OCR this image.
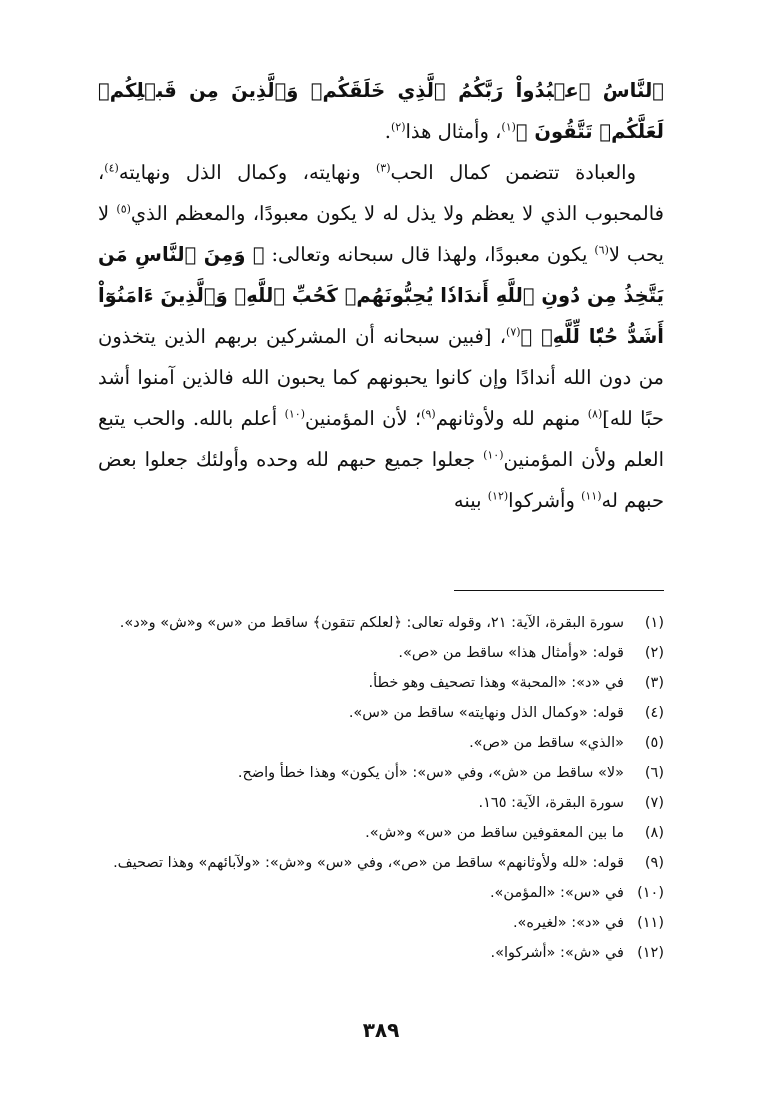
ٱلنَّاسُ ٱعۡبُدُواْ رَبَّكُمُ ٱلَّذِي خَلَقَكُمۡ وَٱلَّذِينَ مِن قَبۡلِكُمۡ لَعَلَّكُمۡ تَتَّقُونَ ﴾$^{(١)}$، وأمثال هذا$^{(٢)}$.

والعبادة تتضمن كمال الحب$^{(٣)}$ ونهايته، وكمال الذل ونهايته$^{(٤)}$، فالمحبوب الذي لا يعظم ولا يذل له لا يكون معبودًا، والمعظم الذي$^{(٥)}$ لا يحب لا$^{(٦)}$ يكون معبودًا، ولهذا قال سبحانه وتعالى: ﴿ وَمِنَ ٱلنَّاسِ مَن يَتَّخِذُ مِن دُونِ ٱللَّهِ أَندَادٗا يُحِبُّونَهُمۡ كَحُبِّ ٱللَّهِۖ وَٱلَّذِينَ ءَامَنُوٓاْ أَشَدُّ حُبّٗا لِّلَّهِۗ ﴾$^{(٧)}$، [فبين سبحانه أن المشركين بربهم الذين يتخذون من دون الله أندادًا وإن كانوا يحبونهم كما يحبون الله فالذين آمنوا أشد حبًا لله]$^{(٨)}$ منهم لله ولأوثانهم$^{(٩)}$؛ لأن المؤمنين$^{(١٠)}$ أعلم بالله. والحب يتبع العلم ولأن المؤمنين$^{(١٠)}$ جعلوا جميع حبهم لله وحده وأولئك جعلوا بعض حبهم له$^{(١١)}$ وأشركوا$^{(١٢)}$ بينه

(١)
سورة البقرة، الآية: ٢١، وقوله تعالى: ﴿لعلكم تتقون﴾ ساقط من «س» و«ش» و«د».
(٢)
قوله: «وأمثال هذا» ساقط من «ص».
(٣)
في «د»: «المحبة» وهذا تصحيف وهو خطأ.
(٤)
قوله: «وكمال الذل ونهايته» ساقط من «س».
(٥)
«الذي» ساقط من «ص».
(٦)
«لا» ساقط من «ش»، وفي «س»: «أن يكون» وهذا خطأ واضح.
(٧)
سورة البقرة، الآية: ١٦٥.
(٨)
ما بين المعقوفين ساقط من «س» و«ش».
(٩)
قوله: «لله ولأوثانهم» ساقط من «ص»، وفي «س» و«ش»: «ولآبائهم» وهذا تصحيف.
(١٠)
في «س»: «المؤمن».
(١١)
في «د»: «لغيره».
(١٢)
في «ش»: «أشركوا».
٣٨٩
